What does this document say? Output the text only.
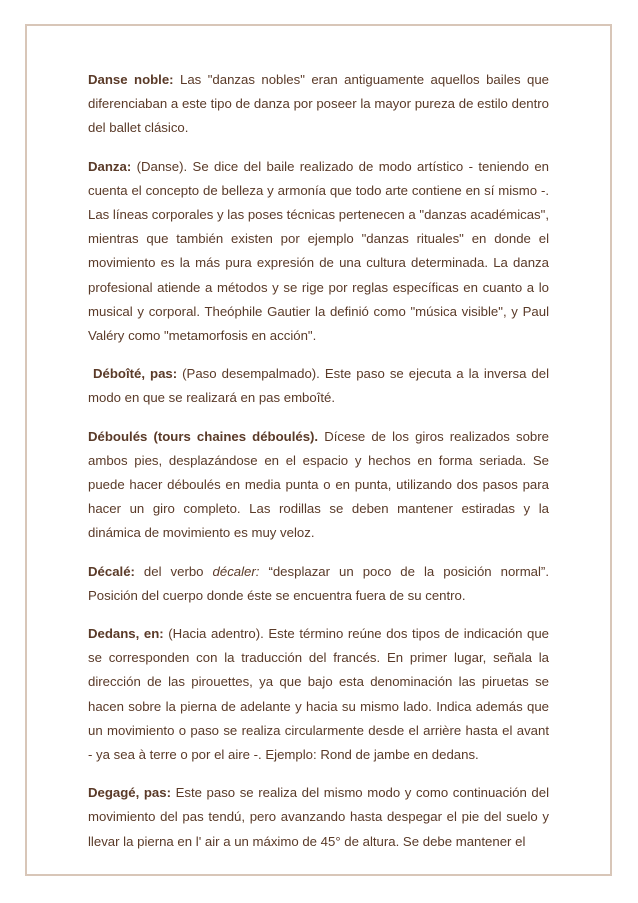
Danse noble: Las "danzas nobles" eran antiguamente aquellos bailes que diferenciaban a este tipo de danza por poseer la mayor pureza de estilo dentro del ballet clásico.

Danza: (Danse). Se dice del baile realizado de modo artístico - teniendo en cuenta el concepto de belleza y armonía que todo arte contiene en sí mismo -. Las líneas corporales y las poses técnicas pertenecen a "danzas académicas", mientras que también existen por ejemplo "danzas rituales" en donde el movimiento es la más pura expresión de una cultura determinada. La danza profesional atiende a métodos y se rige por reglas específicas en cuanto a lo musical y corporal. Theóphile Gautier la definió como "música visible", y Paul Valéry como "metamorfosis en acción".

Déboîté, pas: (Paso desempalmado). Este paso se ejecuta a la inversa del modo en que se realizará en pas emboîté.

Déboulés (tours chaines déboulés). Dícese de los giros realizados sobre ambos pies, desplazándose en el espacio y hechos en forma seriada. Se puede hacer déboulés en media punta o en punta, utilizando dos pasos para hacer un giro completo. Las rodillas se deben mantener estiradas y la dinámica de movimiento es muy veloz.

Décalé: del verbo décaler: “desplazar un poco de la posición normal”. Posición del cuerpo donde éste se encuentra fuera de su centro.

Dedans, en: (Hacia adentro). Este término reúne dos tipos de indicación que se corresponden con la traducción del francés. En primer lugar, señala la dirección de las pirouettes, ya que bajo esta denominación las piruetas se hacen sobre la pierna de adelante y hacia su mismo lado. Indica además que un movimiento o paso se realiza circularmente desde el arrière hasta el avant - ya sea à terre o por el aire -. Ejemplo: Rond de jambe en dedans.

Degagé, pas: Este paso se realiza del mismo modo y como continuación del movimiento del pas tendú, pero avanzando hasta despegar el pie del suelo y llevar la pierna en l' air a un máximo de 45° de altura. Se debe mantener el
